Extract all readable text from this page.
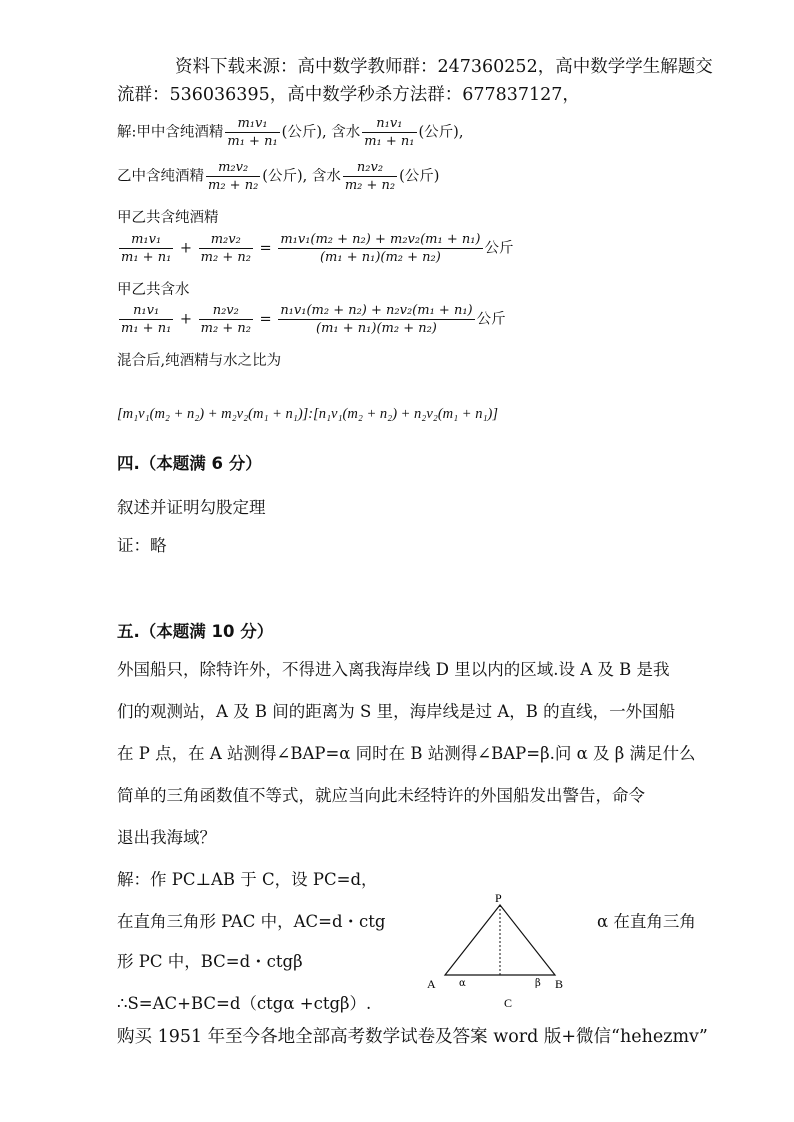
资料下载来源：高中数学教师群：247360252，高中数学学生解题交
流群：536036395，高中数学秒杀方法群：677837127，
解:甲中含纯酒精 $\frac{\text{m₁v₁}}{\text{m₁ + n₁}}$ (公斤), 含水 $\frac{\text{n₁v₁}}{\text{m₁ + n₁}}$ (公斤),
乙中含纯酒精 $\frac{\text{m₂v₂}}{\text{m₂ + n₂}}$ (公斤), 含水 $\frac{\text{n₂v₂}}{\text{m₂ + n₂}}$ (公斤)
甲乙共含纯酒精
$\frac{\text{m₁v₁}}{\text{m₁ + n₁}} + \frac{\text{m₂v₂}}{\text{m₂ + n₂}} = \frac{\text{m₁v₁(m₂ + n₂) + m₂v₂(m₁ + n₁)}}{\text{(m₁ + n₁)(m₂ + n₂)}}$ 公斤
甲乙共含水
$\frac{\text{n₁v₁}}{\text{m₁ + n₁}} + \frac{\text{n₂v₂}}{\text{m₂ + n₂}} = \frac{\text{n₁v₁(m₂ + n₂) + n₂v₂(m₁ + n₁)}}{\text{(m₁ + n₁)(m₂ + n₂)}}$ 公斤
混合后,纯酒精与水之比为
[m₁v₁(m₂ + n₂) + m₂v₂(m₁ + n₁)]:[n₁v₁(m₂ + n₂) + n₂v₂(m₁ + n₁)]
四.（本题满 6 分）
叙述并证明勾股定理
证：略
五.（本题满 10 分）
外国船只，除特许外，不得进入离我海岸线 D 里以内的区域.设 A 及 B 是我
们的观测站，A 及 B 间的距离为 S 里，海岸线是过 A，B 的直线，一外国船
在 P 点，在 A 站测得∠BAP=α 同时在 B 站测得∠BAP=β.问 α 及 β 满足什么
简单的三角函数值不等式，就应当向此未经特许的外国船发出警告，命令
退出我海域？
解：作 PC⊥AB 于 C，设 PC=d，
在直角三角形 PAC 中，AC=d・ctg	α 在直角三角
形 PC 中，BC=d・ctgβ
∴S=AC+BC=d（ctgα +ctgβ）.
P
A	B
C
α	β
购买 1951 年至今各地全部高考数学试卷及答案 word 版+微信“hehezmv”
